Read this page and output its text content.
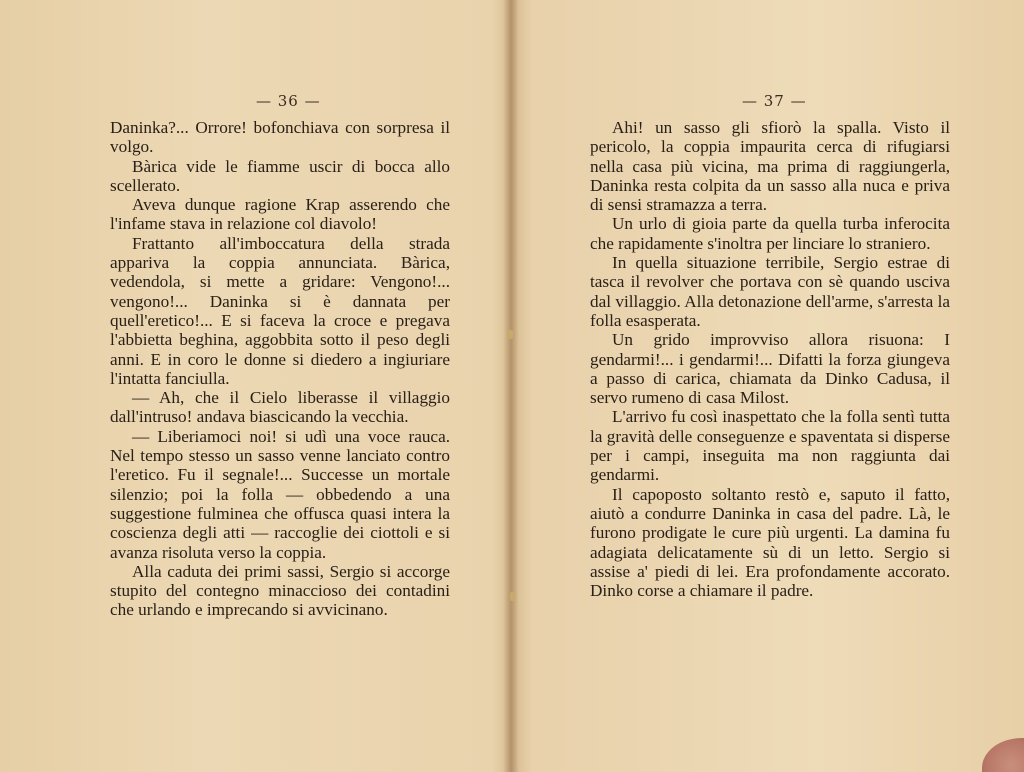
— 36 —

Daninka?... Orrore! bofonchiava con sorpresa il volgo.

Bàrica vide le fiamme uscir di bocca allo scellerato.

Aveva dunque ragione Krap asserendo che l'infame stava in relazione col diavolo!

Frattanto all'imboccatura della strada appariva la coppia annunciata. Bàrica, vedendola, si mette a gridare: Vengono!... vengono!... Daninka si è dannata per quell'eretico!... E si faceva la croce e pregava l'abbietta beghina, aggobbita sotto il peso degli anni. E in coro le donne si diedero a ingiuriare l'intatta fanciulla.

— Ah, che il Cielo liberasse il villaggio dall'intruso! andava biascicando la vecchia.

— Liberiamoci noi! si udì una voce rauca. Nel tempo stesso un sasso venne lanciato contro l'eretico. Fu il segnale!... Successe un mortale silenzio; poi la folla — obbedendo a una suggestione fulminea che offusca quasi intera la coscienza degli atti — raccoglie dei ciottoli e si avanza risoluta verso la coppia.

Alla caduta dei primi sassi, Sergio si accorge stupito del contegno minaccioso dei contadini che urlando e imprecando si avvicinano.

— 37 —

Ahi! un sasso gli sfiorò la spalla. Visto il pericolo, la coppia impaurita cerca di rifugiarsi nella casa più vicina, ma prima di raggiungerla, Daninka resta colpita da un sasso alla nuca e priva di sensi stramazza a terra.

Un urlo di gioia parte da quella turba inferocita che rapidamente s'inoltra per linciare lo straniero.

In quella situazione terribile, Sergio estrae di tasca il revolver che portava con sè quando usciva dal villaggio. Alla detonazione dell'arme, s'arresta la folla esasperata.

Un grido improvviso allora risuona: I gendarmi!... i gendarmi!... Difatti la forza giungeva a passo di carica, chiamata da Dinko Cadusa, il servo rumeno di casa Milost.

L'arrivo fu così inaspettato che la folla sentì tutta la gravità delle conseguenze e spaventata si disperse per i campi, inseguita ma non raggiunta dai gendarmi.

Il capoposto soltanto restò e, saputo il fatto, aiutò a condurre Daninka in casa del padre. Là, le furono prodigate le cure più urgenti. La damina fu adagiata delicatamente sù di un letto. Sergio si assise a' piedi di lei. Era profondamente accorato. Dinko corse a chiamare il padre.
